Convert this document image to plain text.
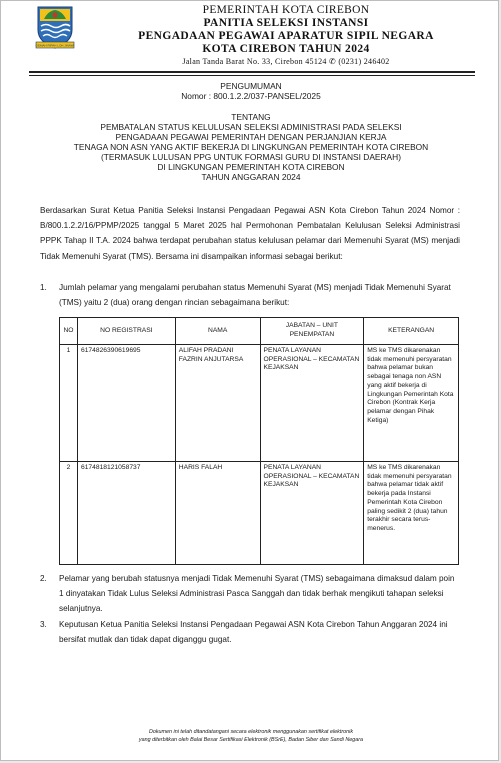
GEMAH RIPAH LOH JINAWI
PEMERINTAH KOTA CIREBON
PANITIA SELEKSI INSTANSI
PENGADAAN PEGAWAI APARATUR SIPIL NEGARA
KOTA CIREBON TAHUN 2024
Jalan Tanda Barat No. 33, Cirebon 45124 ✆ (0231) 246402
PENGUMUMAN
Nomor : 800.1.2.2/037-PANSEL/2025
TENTANG
PEMBATALAN STATUS KELULUSAN SELEKSI ADMINISTRASI PADA SELEKSI
PENGADAAN PEGAWAI PEMERINTAH DENGAN PERJANJIAN KERJA
TENAGA NON ASN YANG AKTIF BEKERJA DI LINGKUNGAN PEMERINTAH KOTA CIREBON
(TERMASUK LULUSAN PPG UNTUK FORMASI GURU DI INSTANSI DAERAH)
DI LINGKUNGAN PEMERINTAH KOTA CIREBON
TAHUN ANGGARAN 2024
Berdasarkan Surat Ketua Panitia Seleksi Instansi Pengadaan Pegawai ASN Kota Cirebon Tahun 2024 Nomor : B/800.1.2.2/16/PPMP/2025 tanggal 5 Maret 2025 hal Permohonan Pembatalan Kelulusan Seleksi Administrasi PPPK Tahap II T.A. 2024 bahwa terdapat perubahan status kelulusan pelamar dari Memenuhi Syarat (MS) menjadi Tidak Memenuhi Syarat (TMS). Bersama ini disampaikan informasi sebagai berikut:
1. Jumlah pelamar yang mengalami perubahan status Memenuhi Syarat (MS) menjadi Tidak Memenuhi Syarat (TMS) yaitu 2 (dua) orang dengan rincian sebagaimana berikut:
NO	NO REGISTRASI	NAMA	JABATAN – UNIT PENEMPATAN	KETERANGAN
1	6174826390619695	ALIFAH PRADANI FAZRIN ANJUTARSA	PENATA LAYANAN OPERASIONAL – KECAMATAN KEJAKSAN	MS ke TMS dikarenakan tidak memenuhi persyaratan bahwa pelamar bukan sebagai tenaga non ASN yang aktif bekerja di Lingkungan Pemerintah Kota Cirebon (Kontrak Kerja pelamar dengan Pihak Ketiga)
2	6174818121058737	HARIS FALAH	PENATA LAYANAN OPERASIONAL – KECAMATAN KEJAKSAN	MS ke TMS dikarenakan tidak memenuhi persyaratan bahwa pelamar tidak aktif bekerja pada Instansi Pemerintah Kota Cirebon paling sedikit 2 (dua) tahun terakhir secara terus-menerus.
2. Pelamar yang berubah statusnya menjadi Tidak Memenuhi Syarat (TMS) sebagaimana dimaksud dalam poin 1 dinyatakan Tidak Lulus Seleksi Administrasi Pasca Sanggah dan tidak berhak mengikuti tahapan seleksi selanjutnya.
3. Keputusan Ketua Panitia Seleksi Instansi Pengadaan Pegawai ASN Kota Cirebon Tahun Anggaran 2024 ini bersifat mutlak dan tidak dapat diganggu gugat.
Dokumen ini telah ditandatangani secara elektronik menggunakan sertifikat elektronik
yang diterbitkan oleh Balai Besar Sertifikasi Elektronik (BSrE), Badan Siber dan Sandi Negara
